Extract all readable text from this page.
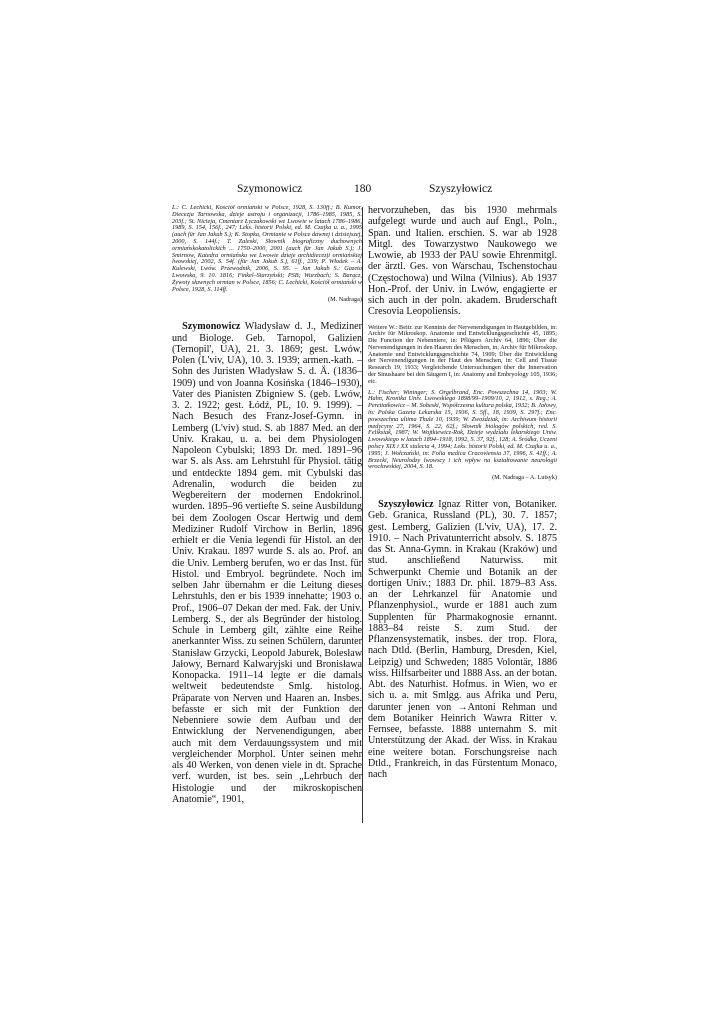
Szymonowicz	180	Szyszyłowicz

L.: C. Lechicki, Kościół ormiański w Polsce, 1928, S. 130ff.; B. Kumor, Diecezja Tarnowska, dzieje ustroju i organizacji, 1786–1985, 1985, S. 203f.; St. Nicieja, Cmentarz Łyczakowski we Lwowie w latach 1786–1986, 1989, S. 154, 156f., 247; Leks. historii Polski, ed. M. Czajka u. a., 1995 (auch für Jan Jakub S.); K. Stopka, Ormianie w Polsce dawnej i dzisiejszej, 2000, S. 144f.; T. Zaleski, Słownik biograficzny duchownych ormiańskokatolickich ... 1750–2000, 2001 (auch für Jan Jakub S.); J. Smirnow, Katedra ormiańska we Lwowie dzieje archidiecezji ormiańskiej lwowskiej, 2002, S. 54f. (für Jan Jakub S.), 61ff., 239; P. Włodek – A. Kulewski, Lwów. Przewodnik, 2006, S. 95. – Jan Jakub S.: Gazeta Lwowska, 9. 10. 1816; Finkel–Starzyński; PSB; Wurzbach; S. Barącz, Żywoty sławnych ormian w Polsce, 1856; C. Lechicki, Kościół ormiański w Polsce, 1928, S. 114ff.

(M. Nadraga)

 Szymonowicz Władysław d. J., Mediziner und Biologe. Geb. Tarnopol, Galizien (Ternopil', UA), 21. 3. 1869; gest. Lwów, Polen (L'viv, UA), 10. 3. 1939; armen.-kath. – Sohn des Juristen Władysław S. d. Ä. (1836–1909) und von Joanna Kosińska (1846–1930), Vater des Pianisten Zbigniew S. (geb. Lwów, 3. 2. 1922; gest. Łódź, PL, 10. 9. 1999). – Nach Besuch des Franz-Josef-Gymn. in Lemberg (L'viv) stud. S. ab 1887 Med. an der Univ. Krakau, u. a. bei dem Physiologen Napoleon Cybulski; 1893 Dr. med. 1891–96 war S. als Ass. am Lehrstuhl für Physiol. tätig und entdeckte 1894 gem. mit Cybulski das Adrenalin, wodurch die beiden zu Wegbereitern der modernen Endokrinol. wurden. 1895–96 vertiefte S. seine Ausbildung bei dem Zoologen Oscar Hertwig und dem Mediziner Rudolf Virchow in Berlin, 1896 erhielt er die Venia legendi für Histol. an der Univ. Krakau. 1897 wurde S. als ao. Prof. an die Univ. Lemberg berufen, wo er das Inst. für Histol. und Embryol. begründete. Noch im selben Jahr übernahm er die Leitung dieses Lehrstuhls, den er bis 1939 innehatte; 1903 o. Prof., 1906–07 Dekan der med. Fak. der Univ. Lemberg. S., der als Begründer der histolog. Schule in Lemberg gilt, zählte eine Reihe anerkannter Wiss. zu seinen Schülern, darunter Stanisław Grzycki, Leopold Jaburek, Bolesław Jałowy, Bernard Kalwaryjski und Bronisława Konopacka. 1911–14 legte er die damals weltweit bedeutendste Smlg. histolog. Präparate von Nerven und Haaren an. Insbes. befasste er sich mit der Funktion der Nebenniere sowie dem Aufbau und der Entwicklung der Nervenendigungen, aber auch mit dem Verdauungssystem und mit vergleichender Morphol. Unter seinen mehr als 40 Werken, von denen viele in dt. Sprache verf. wurden, ist bes. sein „Lehrbuch der Histologie und der mikroskopischen Anatomie“, 1901,

hervorzuheben, das bis 1930 mehrmals aufgelegt wurde und auch auf Engl., Poln., Span. und Italien. erschien. S. war ab 1928 Mitgl. des Towarzystwo Naukowego we Lwowie, ab 1933 der PAU sowie Ehrenmitgl. der ärztl. Ges. von Warschau, Tschenstochau (Częstochowa) und Wilna (Vilnius). Ab 1937 Hon.-Prof. der Univ. in Lwów, engagierte er sich auch in der poln. akadem. Bruderschaft Cresovia Leopoliensis.

Weitere W.: Beitr. zur Kenntnis der Nervenendigungen in Hautgebilden, in: Archiv für Mikroskop. Anatomie und Entwicklungsgeschichte 45, 1895; Die Function der Nebenniere, in: Pflügers Archiv 64, 1896; Über die Nervenendigungen in den Haaren des Menschen, in: Archiv für Mikroskop. Anatomie und Entwicklungsgeschichte 74, 1909; Über die Entwicklung der Nervenendigungen in der Haut des Menschen, in: Cell and Tissue Research 19, 1933; Vergleichende Untersuchungen über die Innervation der Sinushaare bei den Säugern I, in: Anatomy and Embryology 105, 1936; etc.

L.: Fischer; Wininger; S. Orgelbrand, Enc. Powszechna 14, 1903; W. Hahn, Kronika Univ. Lwowskiego 1898/99–1909/10, 2, 1912, s. Reg.; A. Peretiatkowicz – M. Sobeski, Współczesna kultura polska, 1932; B. Jałowy, in: Polska Gazeta Lekarska 15, 1936, S. 5ff., 18, 1939, S. 297f.; Enc. powszechna ultima Thule 10, 1939; W. Zwoździak, in: Archiwum historii medycyny 27, 1964, S. 22, 62f.; Słownik biologów polskich, red. S. Feliksiak, 1987; W. Wojtkiewicz-Rok, Dzieje wydziału lekarskiego Uniw. Lwowskiego w latach 1894–1918, 1992, S. 37, 92f., 128; A. Śródka, Uczeni polscy XIX i XX stulecia 4, 1994; Leks. historii Polski, ed. M. Czajka u. a., 1995; J. Wołczański, in: Folia medica Cracoviensia 37, 1996, S. 41ff.; A. Brzecki, Neurolodzy lwowscy i ich wpływ na kształtowanie neurologii wrocławskiej, 2004, S. 18.

(M. Nadraga – A. Lutsyk)

 Szyszyłowicz Ignaz Ritter von, Botaniker. Geb. Granica, Russland (PL), 30. 7. 1857; gest. Lemberg, Galizien (L'viv, UA), 17. 2. 1910. – Nach Privatunterricht absolv. S. 1875 das St. Anna-Gymn. in Krakau (Kraków) und stud. anschließend Naturwiss. mit Schwerpunkt Chemie und Botanik an der dortigen Univ.; 1883 Dr. phil. 1879–83 Ass. an der Lehrkanzel für Anatomie und Pflanzenphysiol., wurde er 1881 auch zum Supplenten für Pharmakognosie ernannt. 1883–84 reiste S. zum Stud. der Pflanzensystematik, insbes. der trop. Flora, nach Dtld. (Berlin, Hamburg, Dresden, Kiel, Leipzig) und Schweden; 1885 Volontär, 1886 wiss. Hilfsarbeiter und 1888 Ass. an der botan. Abt. des Naturhist. Hofmus. in Wien, wo er sich u. a. mit Smlgg. aus Afrika und Peru, darunter jenen von →Antoni Rehman und dem Botaniker Heinrich Wawra Ritter v. Fernsee, befasste. 1888 unternahm S. mit Unterstützung der Akad. der Wiss. in Krakau eine weitere botan. Forschungsreise nach Dtld., Frankreich, in das Fürstentum Monaco, nach
